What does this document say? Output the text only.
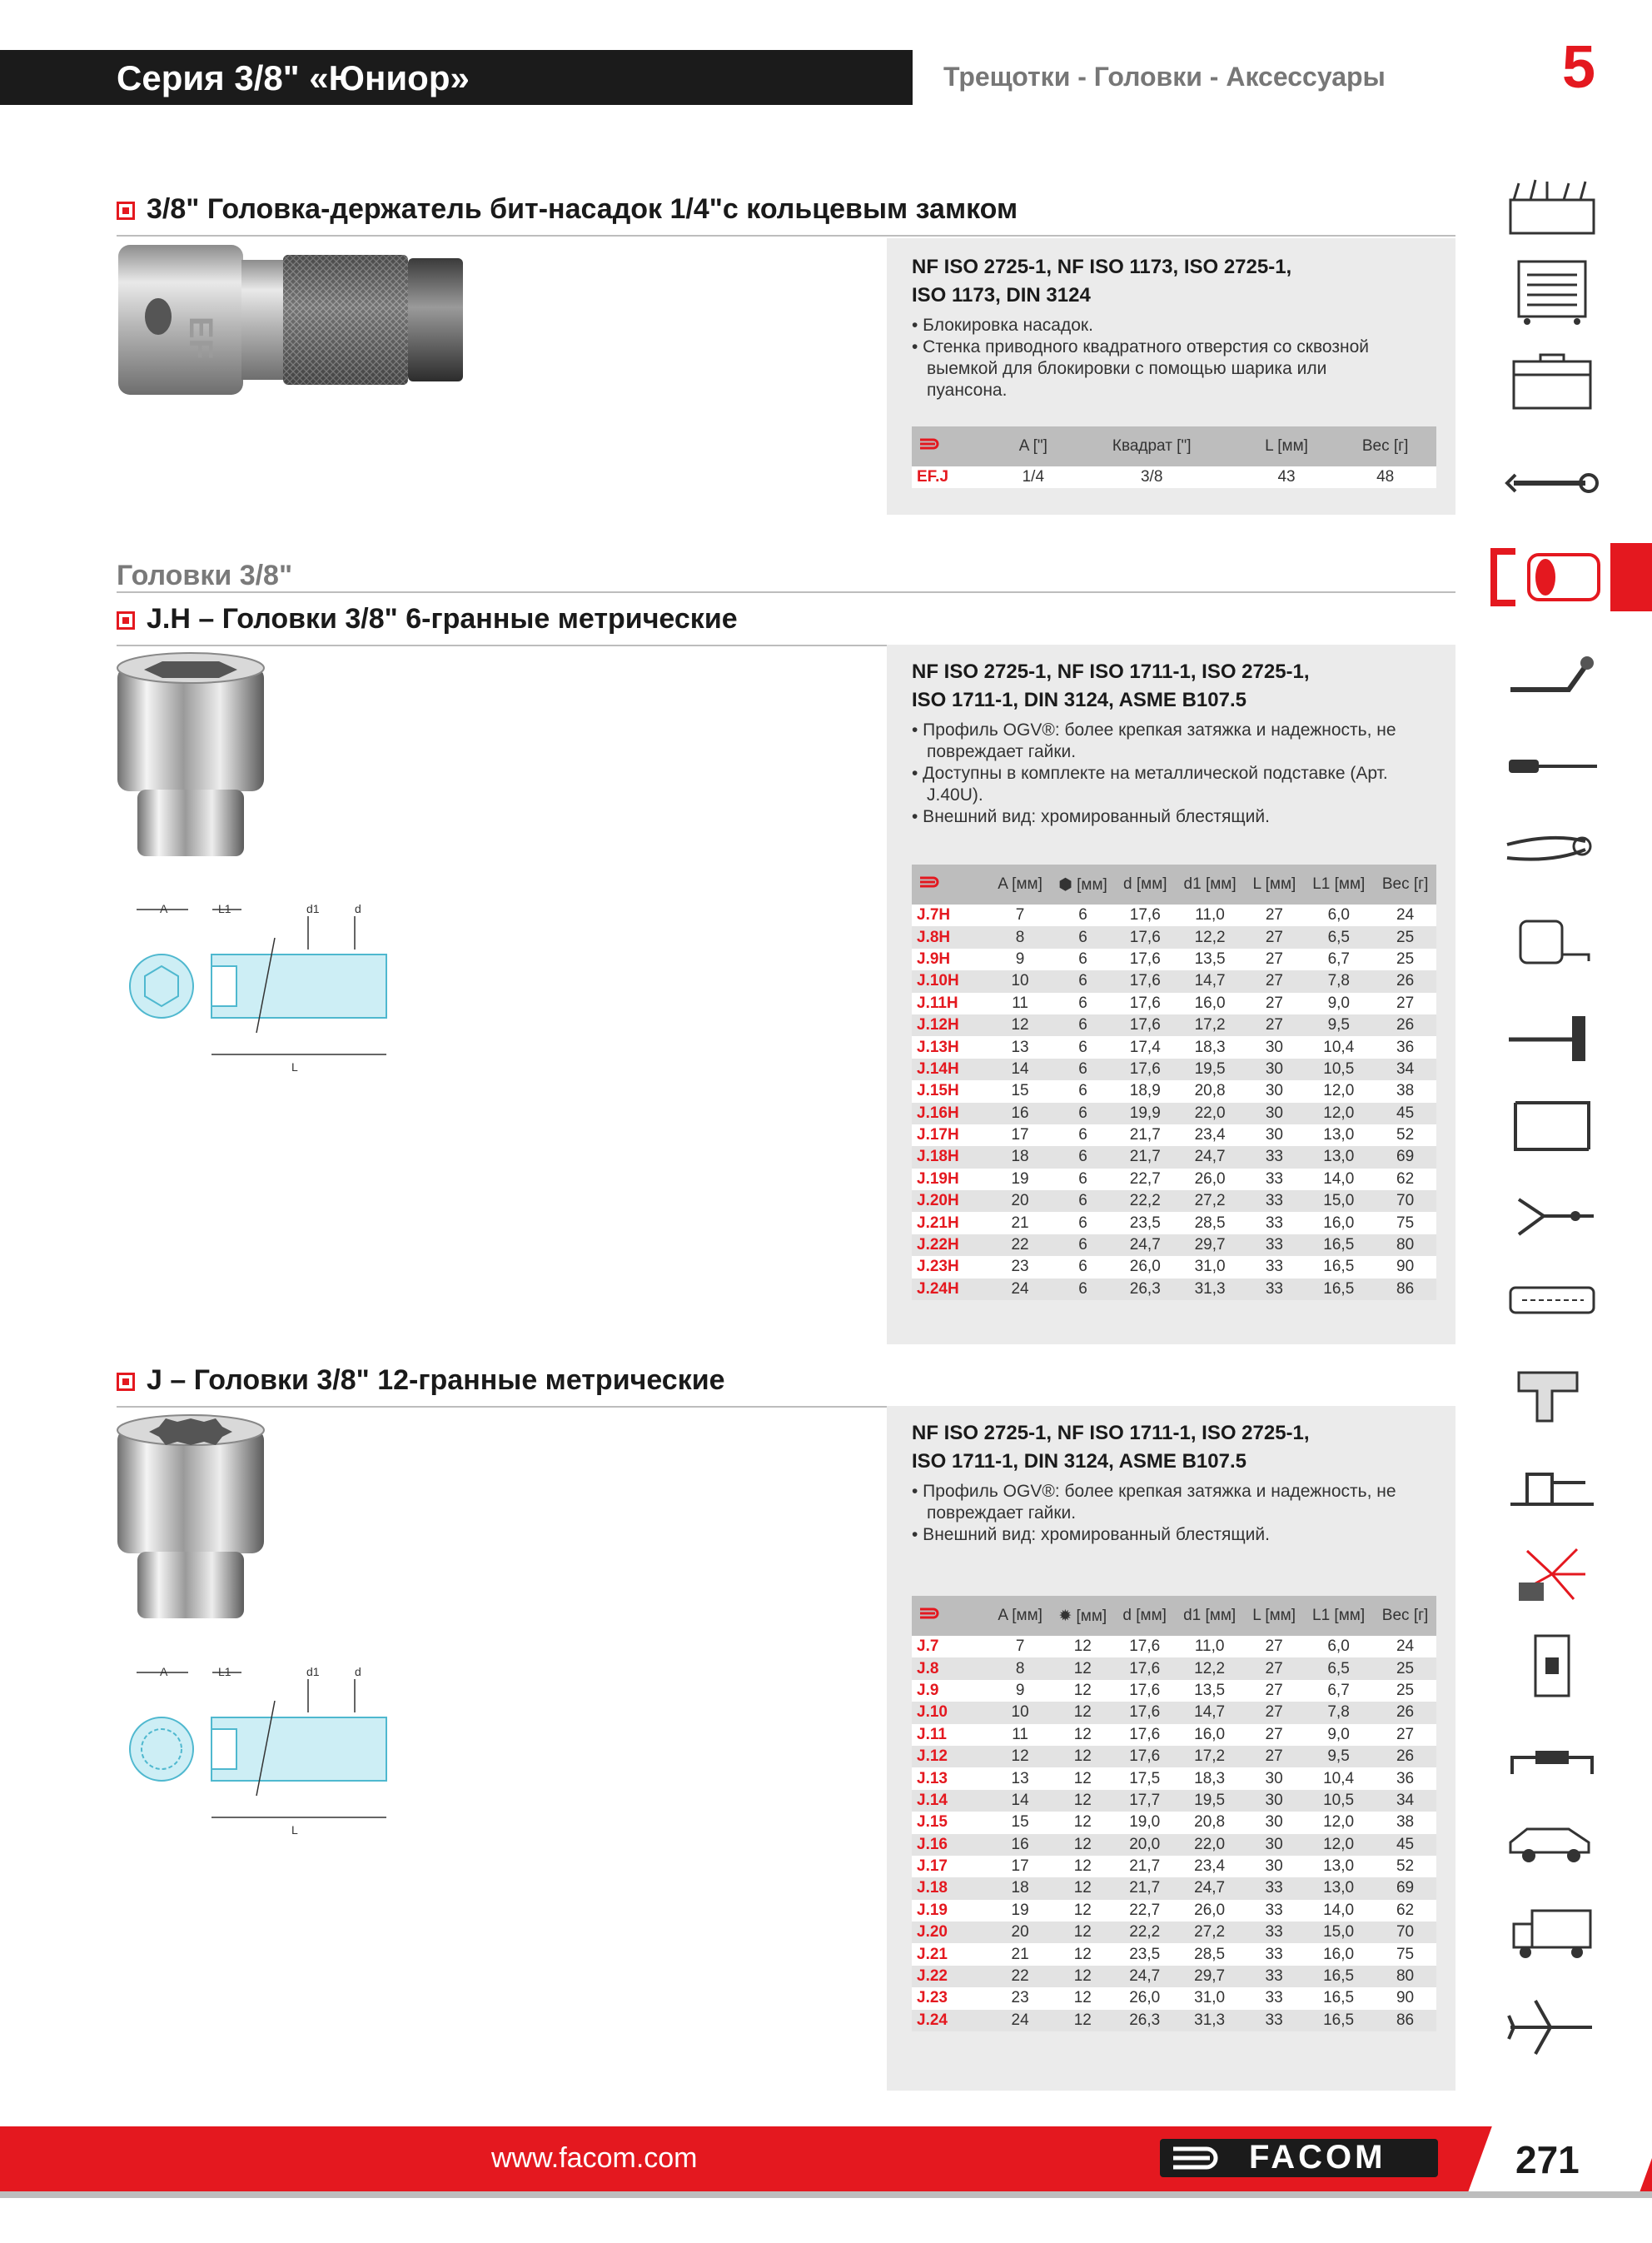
Серия 3/8" «Юниор»	Трещотки - Головки - Аксессуары	5
3/8" Головка-держатель бит-насадок 1/4"с кольцевым замком
EF
NF ISO 2725-1, NF ISO 1173, ISO 2725-1,
ISO 1173, DIN 3124
• Блокировка насадок.
• Стенка приводного квадратного отверстия со сквозной выемкой для блокировки с помощью шарика или пуансона.
	A ["]	Квадрат ["]	L [мм]	Вес [г]
EF.J	1/4	3/8	43	48
Головки 3/8"
J.H – Головки 3/8" 6-гранные метрические
A	L1	d1	d
L
NF ISO 2725-1, NF ISO 1711-1, ISO 2725-1,
ISO 1711-1, DIN 3124, ASME B107.5
• Профиль OGV®: более крепкая затяжка и надежность, не повреждает гайки.
• Доступны в комплекте на металлической подставке (Арт. J.40U).
• Внешний вид: хромированный блестящий.
	A [мм]	⬢ [мм]	d [мм]	d1 [мм]	L [мм]	L1 [мм]	Вес [г]
J.7H	7	6	17,6	11,0	27	6,0	24
J.8H	8	6	17,6	12,2	27	6,5	25
J.9H	9	6	17,6	13,5	27	6,7	25
J.10H	10	6	17,6	14,7	27	7,8	26
J.11H	11	6	17,6	16,0	27	9,0	27
J.12H	12	6	17,6	17,2	27	9,5	26
J.13H	13	6	17,4	18,3	30	10,4	36
J.14H	14	6	17,6	19,5	30	10,5	34
J.15H	15	6	18,9	20,8	30	12,0	38
J.16H	16	6	19,9	22,0	30	12,0	45
J.17H	17	6	21,7	23,4	30	13,0	52
J.18H	18	6	21,7	24,7	33	13,0	69
J.19H	19	6	22,7	26,0	33	14,0	62
J.20H	20	6	22,2	27,2	33	15,0	70
J.21H	21	6	23,5	28,5	33	16,0	75
J.22H	22	6	24,7	29,7	33	16,5	80
J.23H	23	6	26,0	31,0	33	16,5	90
J.24H	24	6	26,3	31,3	33	16,5	86
J – Головки 3/8" 12-гранные метрические
A	L1	d1	d
L
NF ISO 2725-1, NF ISO 1711-1, ISO 2725-1,
ISO 1711-1, DIN 3124, ASME B107.5
• Профиль OGV®: более крепкая затяжка и надежность, не повреждает гайки.
• Внешний вид: хромированный блестящий.
	A [мм]	✹ [мм]	d [мм]	d1 [мм]	L [мм]	L1 [мм]	Вес [г]
J.7	7	12	17,6	11,0	27	6,0	24
J.8	8	12	17,6	12,2	27	6,5	25
J.9	9	12	17,6	13,5	27	6,7	25
J.10	10	12	17,6	14,7	27	7,8	26
J.11	11	12	17,6	16,0	27	9,0	27
J.12	12	12	17,6	17,2	27	9,5	26
J.13	13	12	17,5	18,3	30	10,4	36
J.14	14	12	17,7	19,5	30	10,5	34
J.15	15	12	19,0	20,8	30	12,0	38
J.16	16	12	20,0	22,0	30	12,0	45
J.17	17	12	21,7	23,4	30	13,0	52
J.18	18	12	21,7	24,7	33	13,0	69
J.19	19	12	22,7	26,0	33	14,0	62
J.20	20	12	22,2	27,2	33	15,0	70
J.21	21	12	23,5	28,5	33	16,0	75
J.22	22	12	24,7	29,7	33	16,5	80
J.23	23	12	26,0	31,0	33	16,5	90
J.24	24	12	26,3	31,3	33	16,5	86
www.facom.com	FACOM	271
